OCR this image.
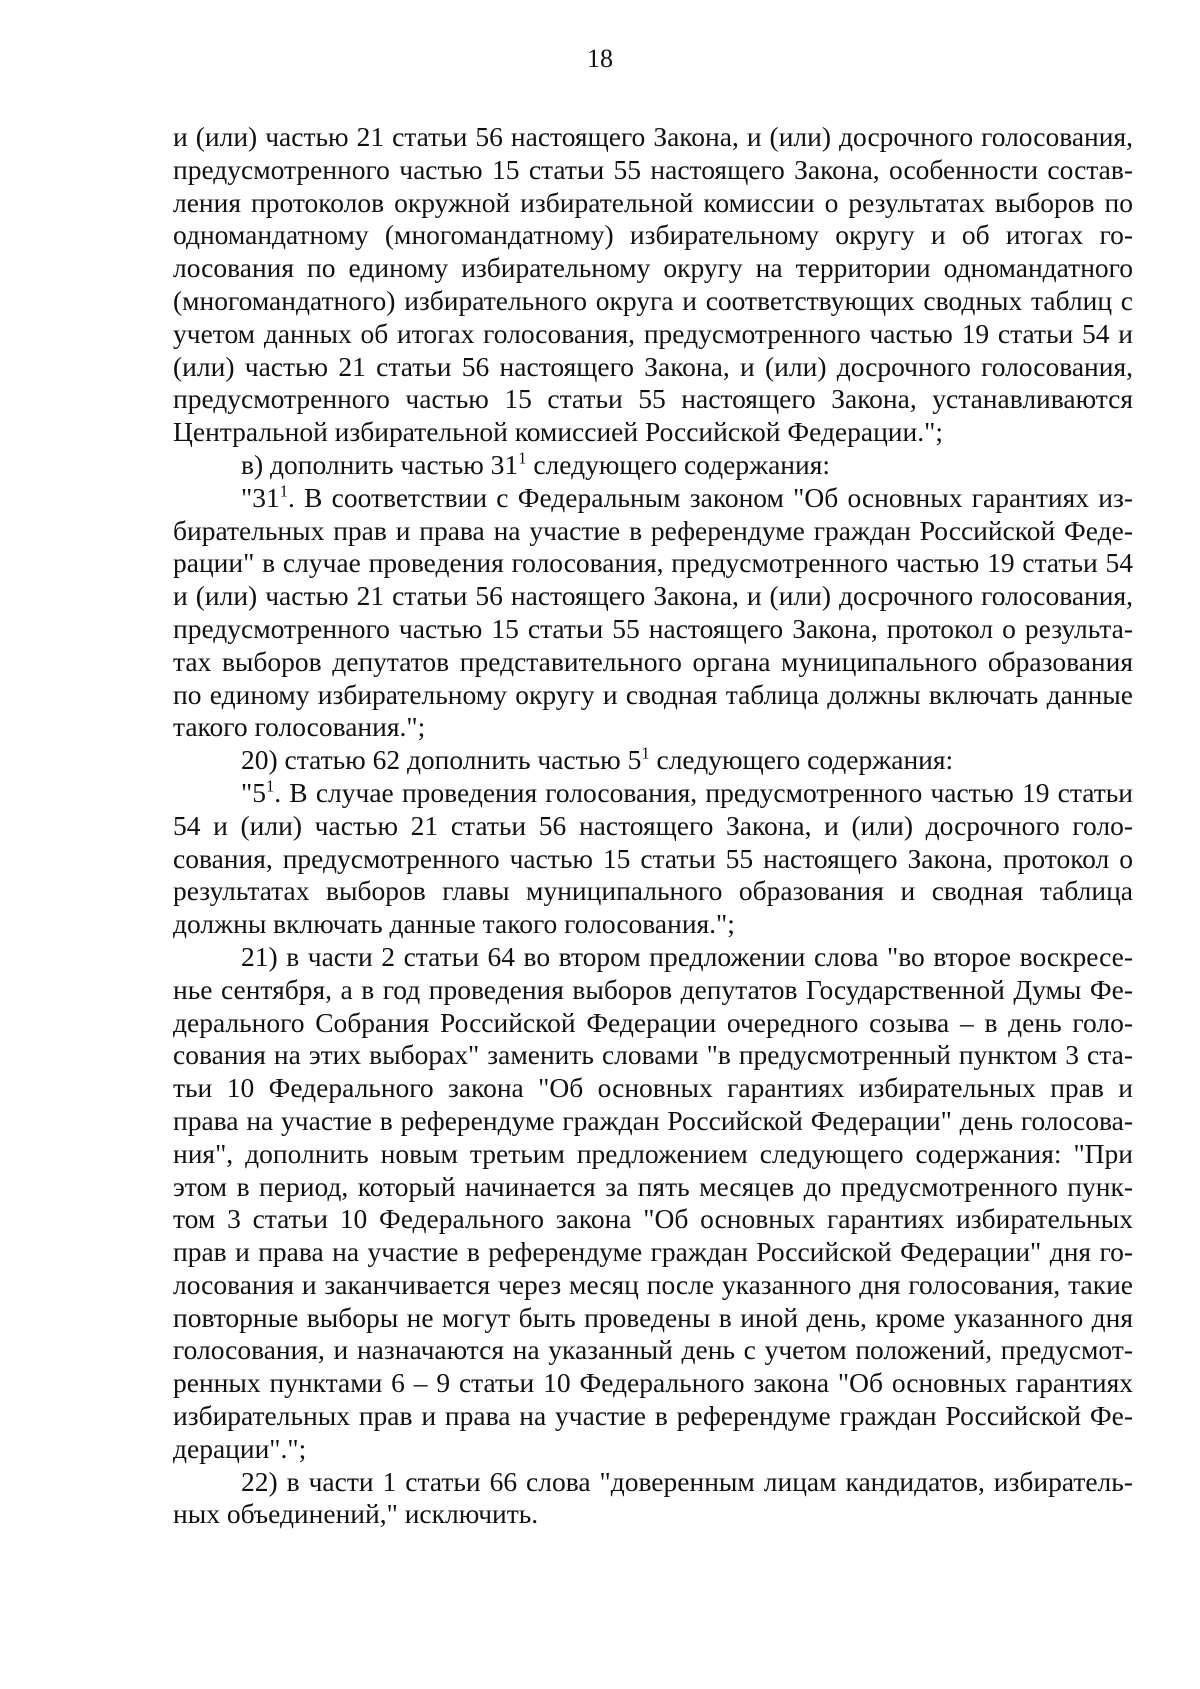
18

и (или) частью 21 статьи 56 настоящего Закона, и (или) досрочного голосования, предусмотренного частью 15 статьи 55 настоящего Закона, особенности составления протоколов окружной избирательной комиссии о результатах выборов по одномандатному (многомандатному) избирательному округу и об итогах голосования по единому избирательному округу на территории одномандатного (многомандатного) избирательного округа и соответствующих сводных таблиц с учетом данных об итогах голосования, предусмотренного частью 19 статьи 54 и (или) частью 21 статьи 56 настоящего Закона, и (или) досрочного голосования, предусмотренного частью 15 статьи 55 настоящего Закона, устанавливаются Центральной избирательной комиссией Российской Федерации.";

в) дополнить частью $31^1$ следующего содержания:

"$31^1$. В соответствии с Федеральным законом "Об основных гарантиях избирательных прав и права на участие в референдуме граждан Российской Федерации" в случае проведения голосования, предусмотренного частью 19 статьи 54 и (или) частью 21 статьи 56 настоящего Закона, и (или) досрочного голосования, предусмотренного частью 15 статьи 55 настоящего Закона, протокол о результатах выборов депутатов представительного органа муниципального образования по единому избирательному округу и сводная таблица должны включать данные такого голосования.";

20) статью 62 дополнить частью $5^1$ следующего содержания:

"$5^1$. В случае проведения голосования, предусмотренного частью 19 статьи 54 и (или) частью 21 статьи 56 настоящего Закона, и (или) досрочного голосования, предусмотренного частью 15 статьи 55 настоящего Закона, протокол о результатах выборов главы муниципального образования и сводная таблица должны включать данные такого голосования.";

21) в части 2 статьи 64 во втором предложении слова "во второе воскресенье сентября, а в год проведения выборов депутатов Государственной Думы Федерального Собрания Российской Федерации очередного созыва – в день голосования на этих выборах" заменить словами "в предусмотренный пунктом 3 статьи 10 Федерального закона "Об основных гарантиях избирательных прав и права на участие в референдуме граждан Российской Федерации" день голосования", дополнить новым третьим предложением следующего содержания: "При этом в период, который начинается за пять месяцев до предусмотренного пунктом 3 статьи 10 Федерального закона "Об основных гарантиях избирательных прав и права на участие в референдуме граждан Российской Федерации" дня голосования и заканчивается через месяц после указанного дня голосования, такие повторные выборы не могут быть проведены в иной день, кроме указанного дня голосования, и назначаются на указанный день с учетом положений, предусмотренных пунктами 6 – 9 статьи 10 Федерального закона "Об основных гарантиях избирательных прав и права на участие в референдуме граждан Российской Федерации".";

22) в части 1 статьи 66 слова "доверенным лицам кандидатов, избирательных объединений," исключить.
